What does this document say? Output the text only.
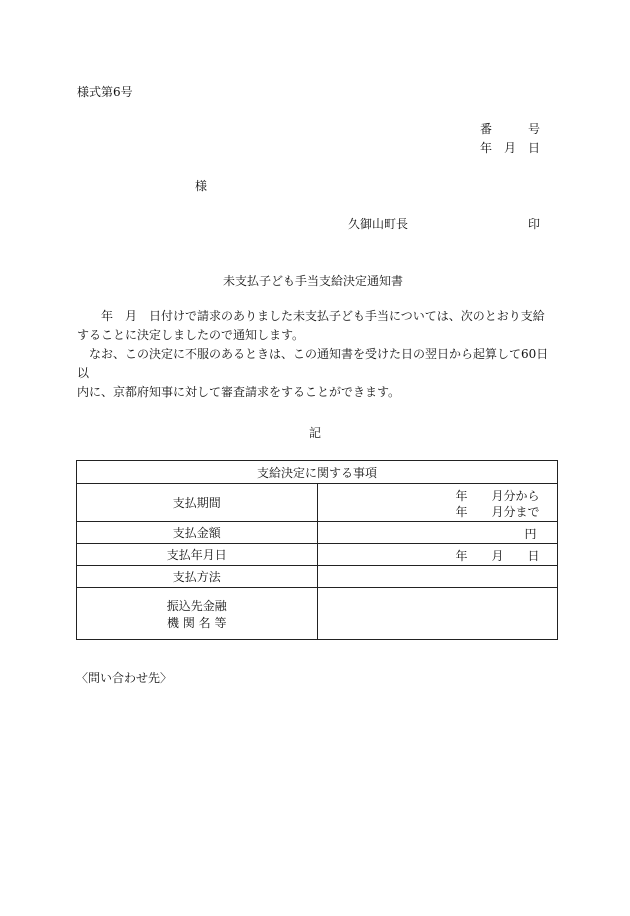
様式第6号
番　　　号
年　月　日
様
久御山町長	印
未支払子ども手当支給決定通知書

　　年　月　日付けで請求のありました未支払子ども手当については、次のとおり支給

することに決定しましたので通知します。

　なお、この決定に不服のあるときは、この通知書を受けた日の翌日から起算して60日以

内に、京都府知事に対して審査請求をすることができます。

記
支給決定に関する事項	
支払期間	年　　月分から
年　　月分まで

支払金額	円

支払年月日	年　　月　　日

支払方法	

振込先金融
機 関 名 等	

〈問い合わせ先〉
